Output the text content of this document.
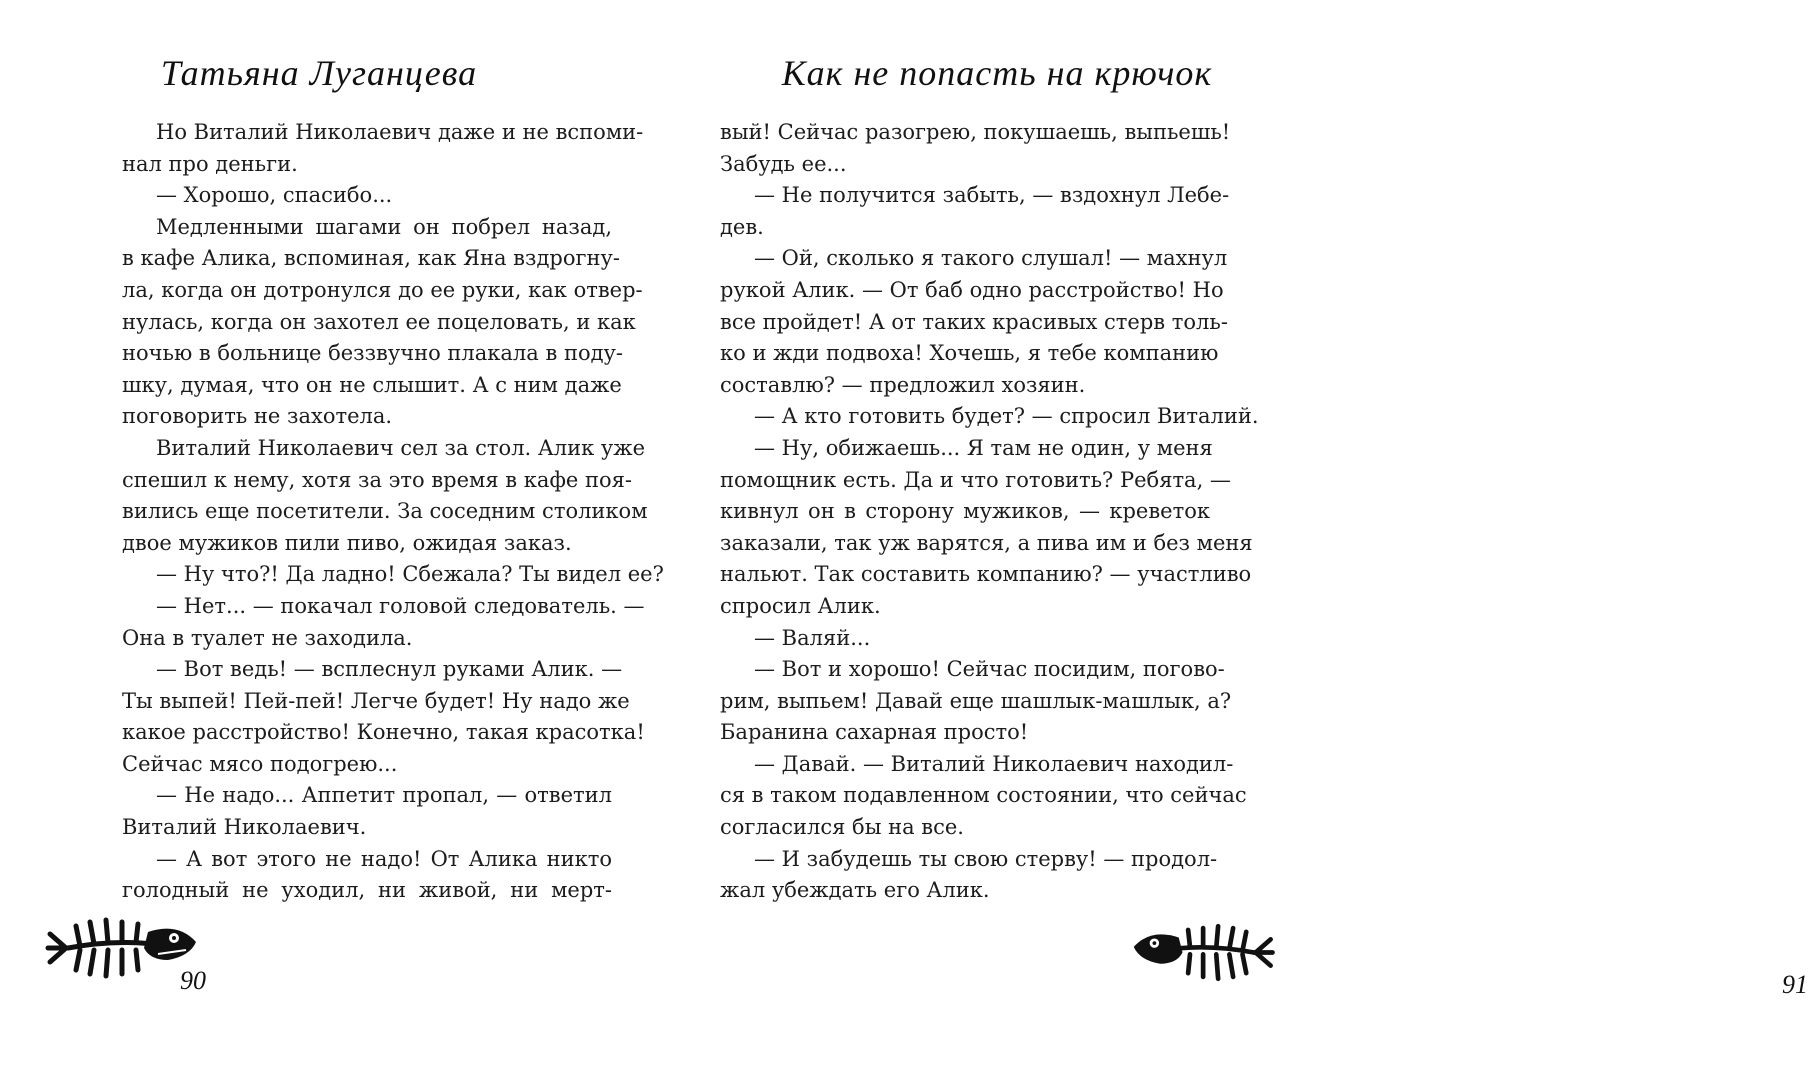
Татьяна Луганцева
Но Виталий Николаевич даже и не вспоми-
нал про деньги.
— Хорошо, спасибо...
Медленными шагами он побрел назад,
в кафе Алика, вспоминая, как Яна вздрогну-
ла, когда он дотронулся до ее руки, как отвер-
нулась, когда он захотел ее поцеловать, и как
ночью в больнице беззвучно плакала в поду-
шку, думая, что он не слышит. А с ним даже
поговорить не захотела.
Виталий Николаевич сел за стол. Алик уже
спешил к нему, хотя за это время в кафе поя-
вились еще посетители. За соседним столиком
двое мужиков пили пиво, ожидая заказ.
— Ну что?! Да ладно! Сбежала? Ты видел ее?
— Нет... — покачал головой следователь. —
Она в туалет не заходила.
— Вот ведь! — всплеснул руками Алик. —
Ты выпей! Пей-пей! Легче будет! Ну надо же
какое расстройство! Конечно, такая красотка!
Сейчас мясо подогрею...
— Не надо... Аппетит пропал, — ответил
Виталий Николаевич.
— А вот этого не надо! От Алика никто
голодный не уходил, ни живой, ни мерт-
90
Как не попасть на крючок
вый! Сейчас разогрею, покушаешь, выпьешь!
Забудь ее...
— Не получится забыть, — вздохнул Лебе-
дев.
— Ой, сколько я такого слушал! — махнул
рукой Алик. — От баб одно расстройство! Но
все пройдет! А от таких красивых стерв толь-
ко и жди подвоха! Хочешь, я тебе компанию
составлю? — предложил хозяин.
— А кто готовить будет? — спросил Виталий.
— Ну, обижаешь... Я там не один, у меня
помощник есть. Да и что готовить? Ребята, —
кивнул он в сторону мужиков, — креветок
заказали, так уж варятся, а пива им и без меня
нальют. Так составить компанию? — участливо
спросил Алик.
— Валяй...
— Вот и хорошо! Сейчас посидим, погово-
рим, выпьем! Давай еще шашлык-машлык, а?
Баранина сахарная просто!
— Давай. — Виталий Николаевич находил-
ся в таком подавленном состоянии, что сейчас
согласился бы на все.
— И забудешь ты свою стерву! — продол-
жал убеждать его Алик.
91
